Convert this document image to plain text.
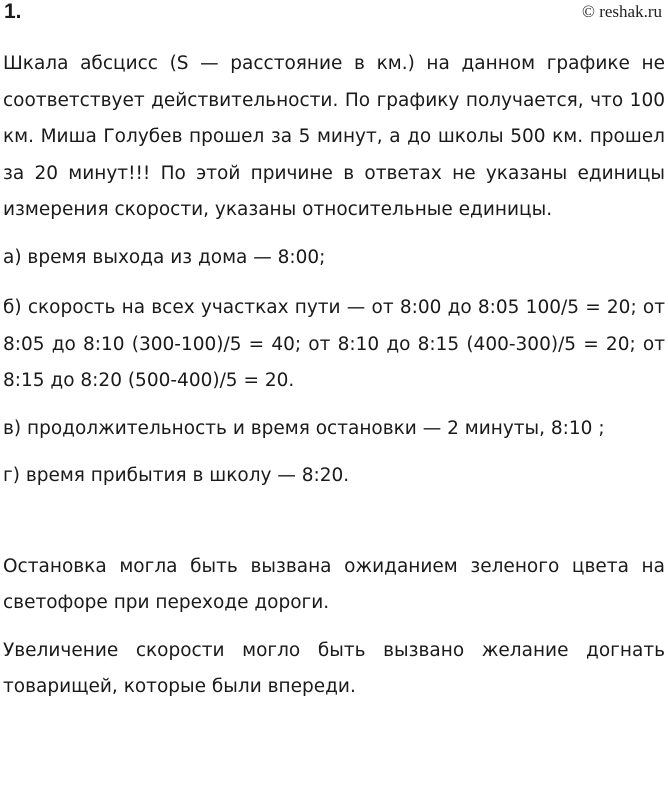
1.	© reshak.ru

Шкала абсцисс (S — расстояние в км.) на данном графике не соответствует действительности. По графику получается, что 100 км. Миша Голубев прошел за 5 минут, а до школы 500 км. прошел за 20 минут!!! По этой причине в ответах не указаны единицы измерения скорости, указаны относительные единицы.

а) время выхода из дома — 8:00;

б) скорость на всех участках пути — от 8:00 до 8:05 100/5 = 20; от 8:05 до 8:10 (300-100)/5 = 40; от 8:10 до 8:15 (400-300)/5 = 20; от 8:15 до 8:20 (500-400)/5 = 20.

в) продолжительность и время остановки — 2 минуты, 8:10 ;

г) время прибытия в школу — 8:20.

Остановка могла быть вызвана ожиданием зеленого цвета на светофоре при переходе дороги.

Увеличение скорости могло быть вызвано желание догнать товарищей, которые были впереди.
